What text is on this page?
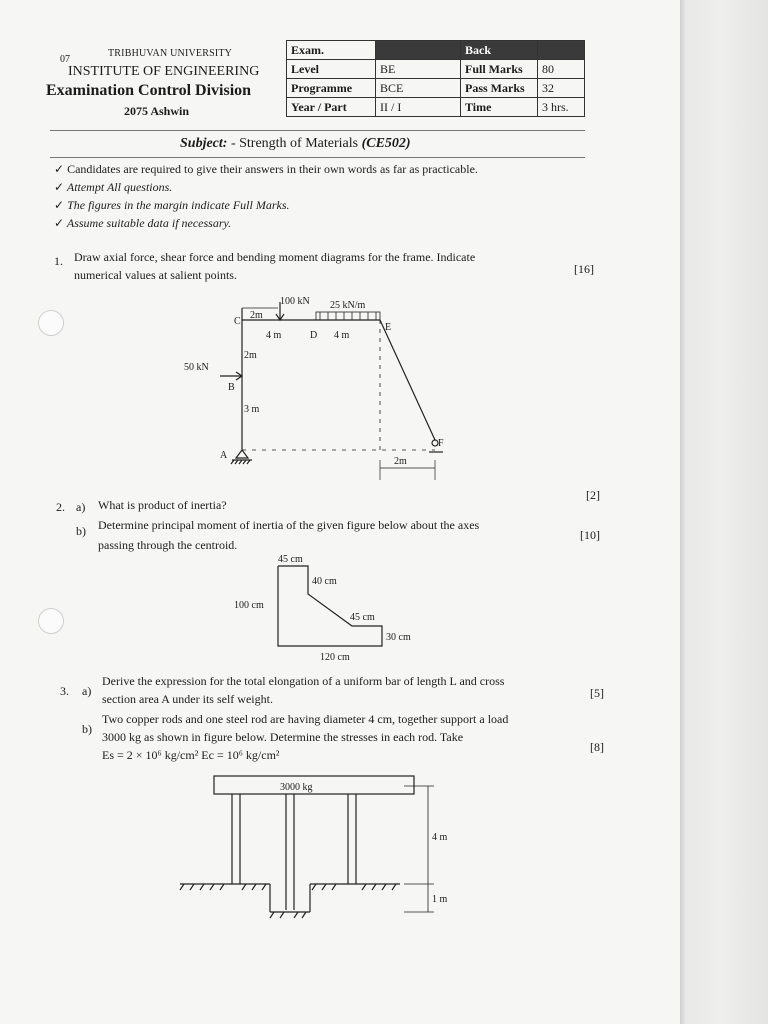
07
TRIBHUVAN UNIVERSITY
INSTITUTE OF ENGINEERING
Examination Control Division
2075 Ashwin
Exam.		Back	
Level	BE	Full Marks	80
Programme	BCE	Pass Marks	32
Year / Part	II / I	Time	3 hrs.
Subject: - Strength of Materials (CE502)
✓ Candidates are required to give their answers in their own words as far as practicable.
✓ Attempt All questions.
✓ The figures in the margin indicate Full Marks.
✓ Assume suitable data if necessary.
1. Draw axial force, shear force and bending moment diagrams for the frame. Indicate
numerical values at salient points.	[16]
100 kN 25 kN/m
50 kN
2m
4 m	4 m
2m
3 m
2m
A
B
C
D
E
F
2. a) What is product of inertia?
[2]
b) Determine principal moment of inertia of the given figure below about the axes
passing through the centroid.
[10]
45 cm
40 cm
100 cm
45 cm
30 cm
120 cm
3. a)
Derive the expression for the total elongation of a uniform bar of length L and cross
section area A under its self weight.	[5]
b)
Two copper rods and one steel rod are having diameter 4 cm, together support a load
3000 kg as shown in figure below. Determine the stresses in each rod. Take
Es = 2 × 10⁶ kg/cm² Ec = 10⁶ kg/cm²
[8]
3000 kg
4 m
1 m
